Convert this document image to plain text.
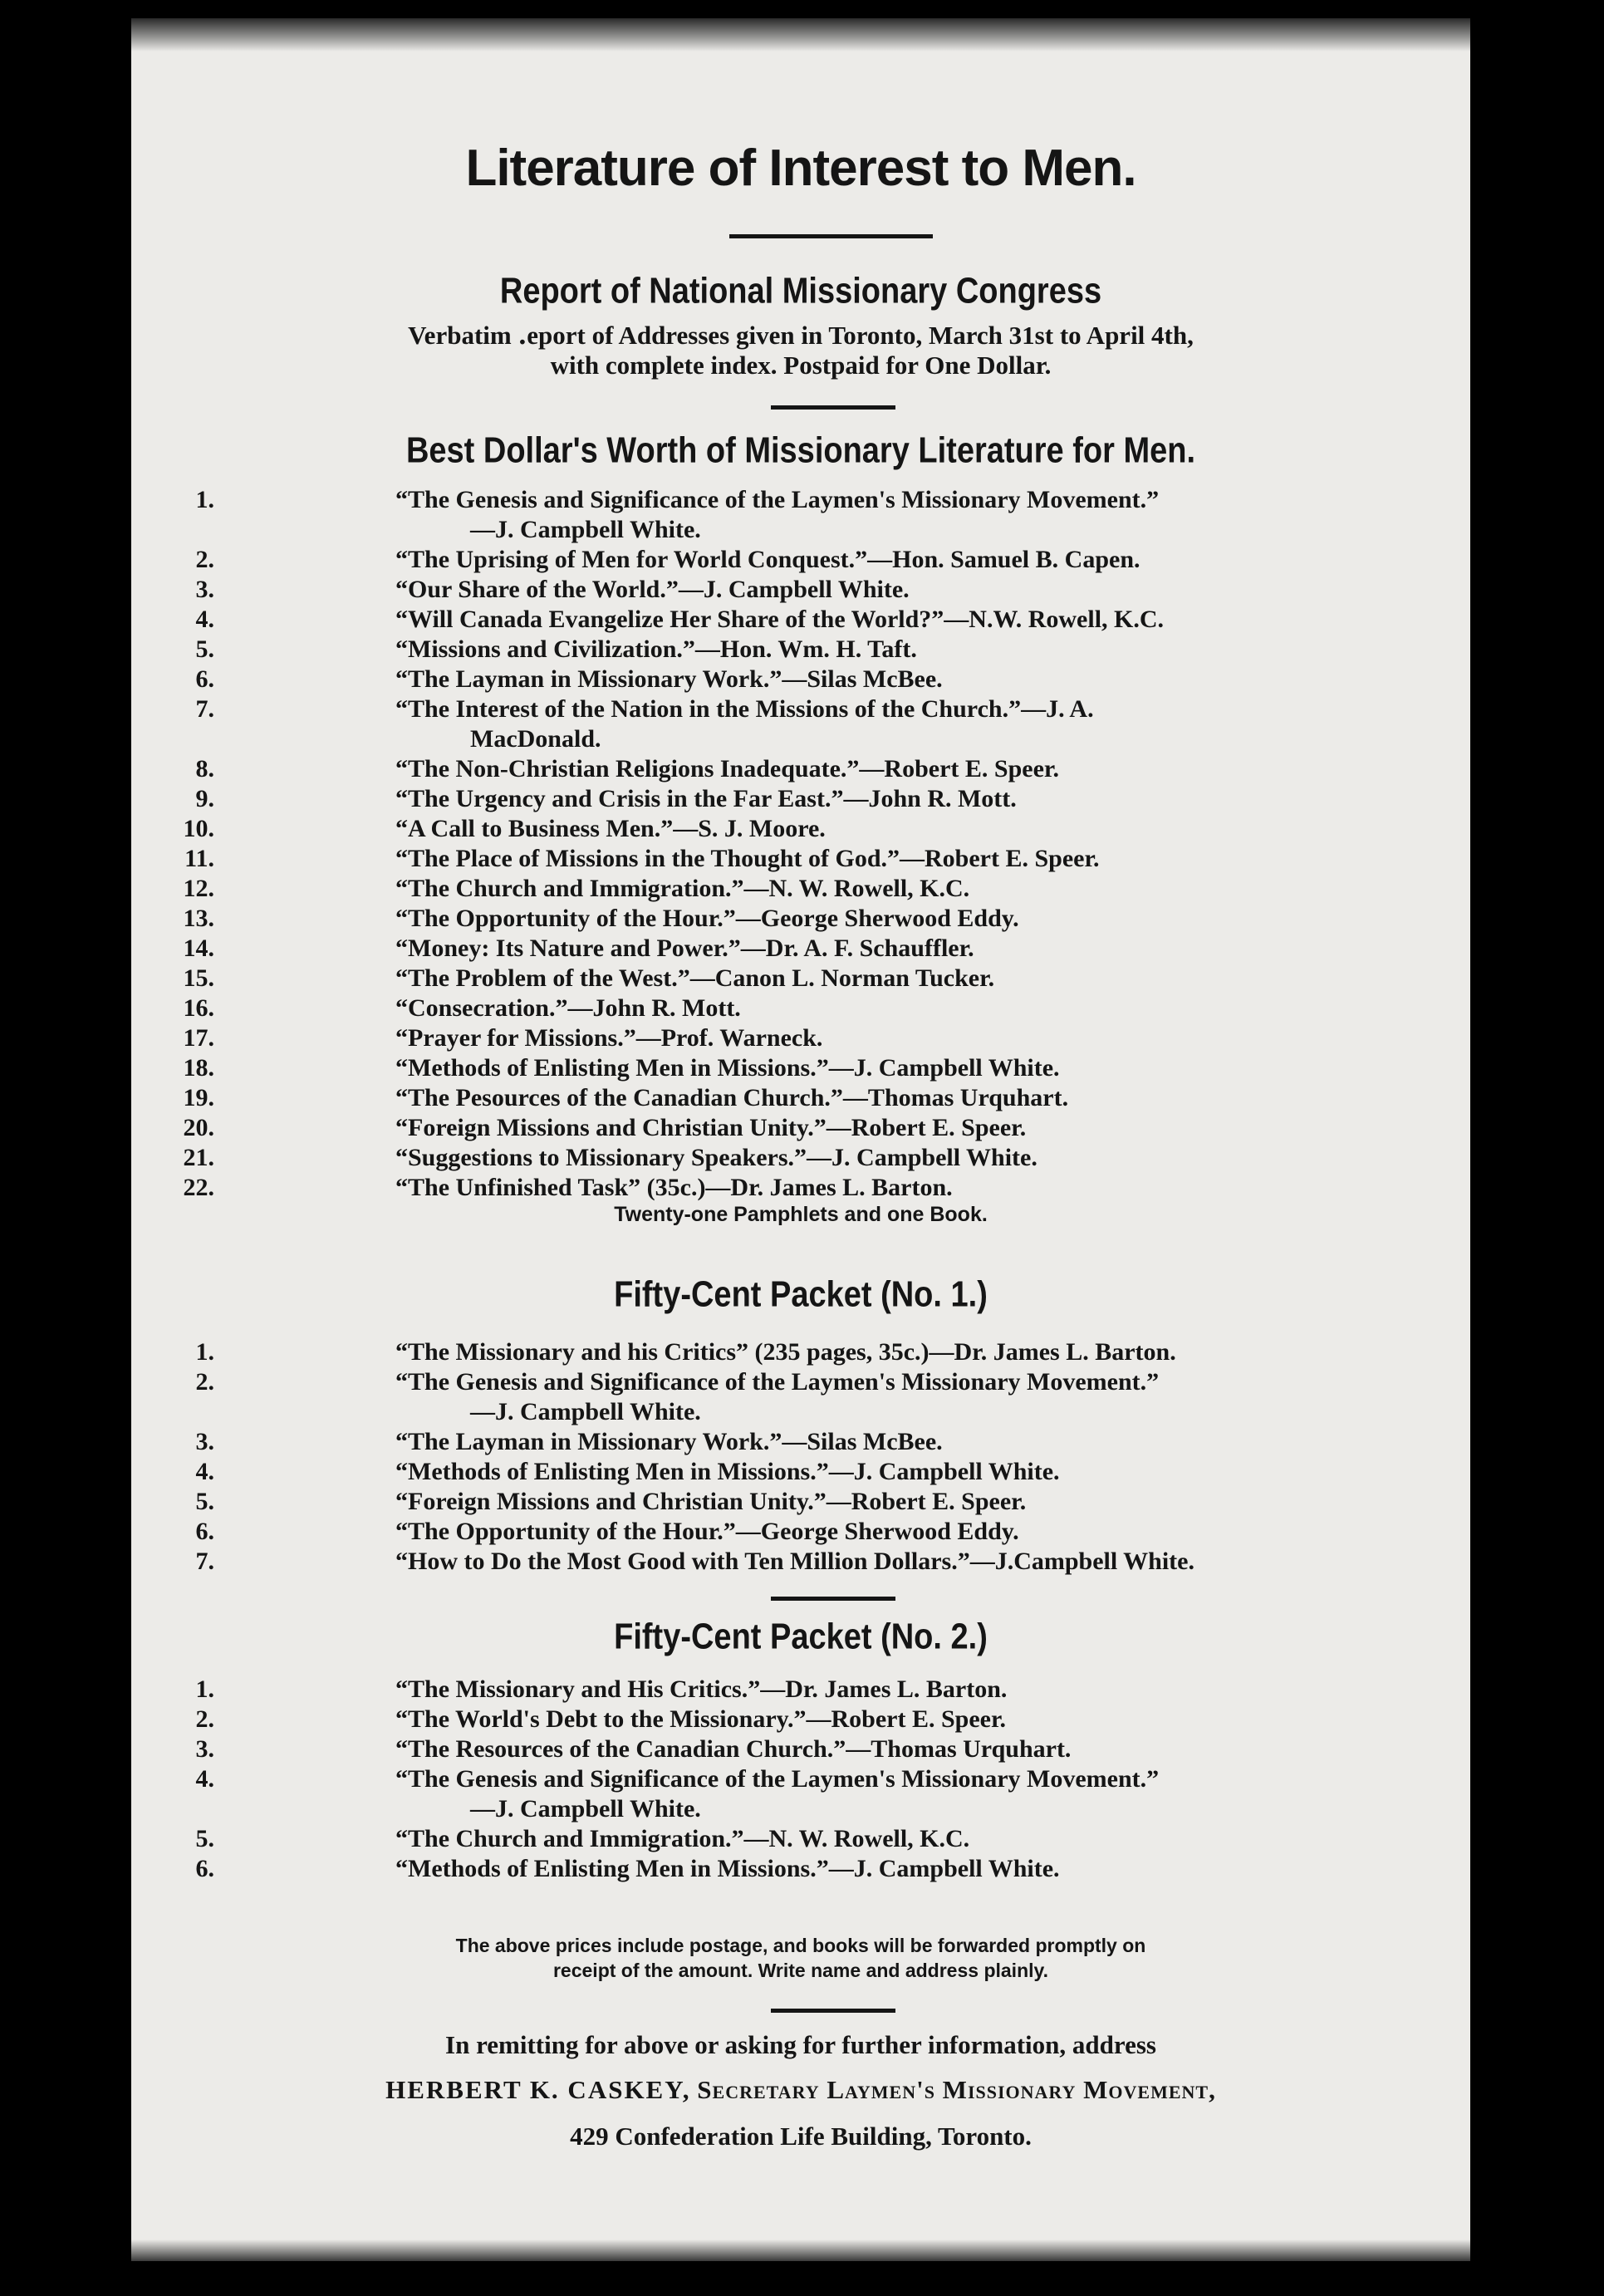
Literature of Interest to Men.
Report of National Missionary Congress
Verbatim ․eport of Addresses given in Toronto, March 31st to April 4th,
with complete index. Postpaid for One Dollar.
Best Dollar's Worth of Missionary Literature for Men.
1.	“The Genesis and Significance of the Laymen's Missionary Movement.”
—J. Campbell White.
2.	“The Uprising of Men for World Conquest.”—Hon. Samuel B. Capen.
3.	“Our Share of the World.”—J. Campbell White.
4.	“Will Canada Evangelize Her Share of the World?”—N.W. Rowell, K.C.
5.	“Missions and Civilization.”—Hon. Wm. H. Taft.
6.	“The Layman in Missionary Work.”—Silas McBee.
7.	“The Interest of the Nation in the Missions of the Church.”—J. A.
MacDonald.
8.	“The Non-Christian Religions Inadequate.”—Robert E. Speer.
9.	“The Urgency and Crisis in the Far East.”—John R. Mott.
10.	“A Call to Business Men.”—S. J. Moore.
11.	“The Place of Missions in the Thought of God.”—Robert E. Speer.
12.	“The Church and Immigration.”—N. W. Rowell, K.C.
13.	“The Opportunity of the Hour.”—George Sherwood Eddy.
14.	“Money: Its Nature and Power.”—Dr. A. F. Schauffler.
15.	“The Problem of the West.”—Canon L. Norman Tucker.
16.	“Consecration.”—John R. Mott.
17.	“Prayer for Missions.”—Prof. Warneck.
18.	“Methods of Enlisting Men in Missions.”—J. Campbell White.
19.	“The Pesources of the Canadian Church.”—Thomas Urquhart.
20.	“Foreign Missions and Christian Unity.”—Robert E. Speer.
21.	“Suggestions to Missionary Speakers.”—J. Campbell White.
22.	“The Unfinished Task” (35c.)—Dr. James L. Barton.
Twenty-one Pamphlets and one Book.
Fifty-Cent Packet (No. 1.)
1.	“The Missionary and his Critics” (235 pages, 35c.)—Dr. James L. Barton.
2.	“The Genesis and Significance of the Laymen's Missionary Movement.”
—J. Campbell White.
3.	“The Layman in Missionary Work.”—Silas McBee.
4.	“Methods of Enlisting Men in Missions.”—J. Campbell White.
5.	“Foreign Missions and Christian Unity.”—Robert E. Speer.
6.	“The Opportunity of the Hour.”—George Sherwood Eddy.
7.	“How to Do the Most Good with Ten Million Dollars.”—J.Campbell White.
Fifty-Cent Packet (No. 2.)
1.	“The Missionary and His Critics.”—Dr. James L. Barton.
2.	“The World's Debt to the Missionary.”—Robert E. Speer.
3.	“The Resources of the Canadian Church.”—Thomas Urquhart.
4.	“The Genesis and Significance of the Laymen's Missionary Movement.”
—J. Campbell White.
5.	“The Church and Immigration.”—N. W. Rowell, K.C.
6.	“Methods of Enlisting Men in Missions.”—J. Campbell White.
The above prices include postage, and books will be forwarded promptly on
receipt of the amount. Write name and address plainly.
In remitting for above or asking for further information, address
HERBERT K. CASKEY, Secretary Laymen's Missionary Movement,
429 Confederation Life Building, Toronto.
